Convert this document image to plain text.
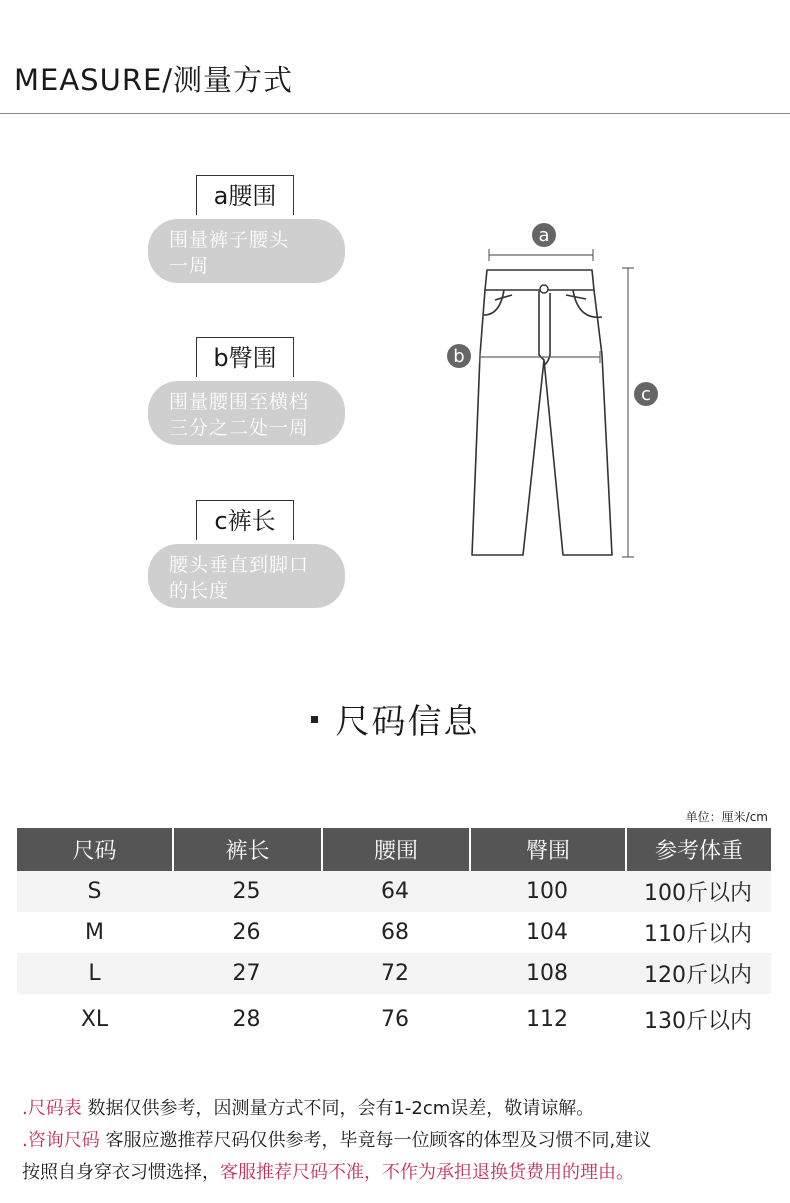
MEASURE/测量方式
a腰围
围量裤子腰头
一周
b臀围
围量腰围至横档
三分之二处一周
c裤长
腰头垂直到脚口
的长度
a
b
c
尺码信息
单位：厘米/cm
尺码	裤长	腰围	臀围	参考体重
S	25	64	100	100斤以内
M	26	68	104	110斤以内
L	27	72	108	120斤以内
XL	28	76	112	130斤以内
.尺码表 数据仅供参考，因测量方式不同，会有1-2cm误差，敬请谅解。
.咨询尺码 客服应邀推荐尺码仅供参考，毕竟每一位顾客的体型及习惯不同,建议
按照自身穿衣习惯选择，客服推荐尺码不准，不作为承担退换货费用的理由。
